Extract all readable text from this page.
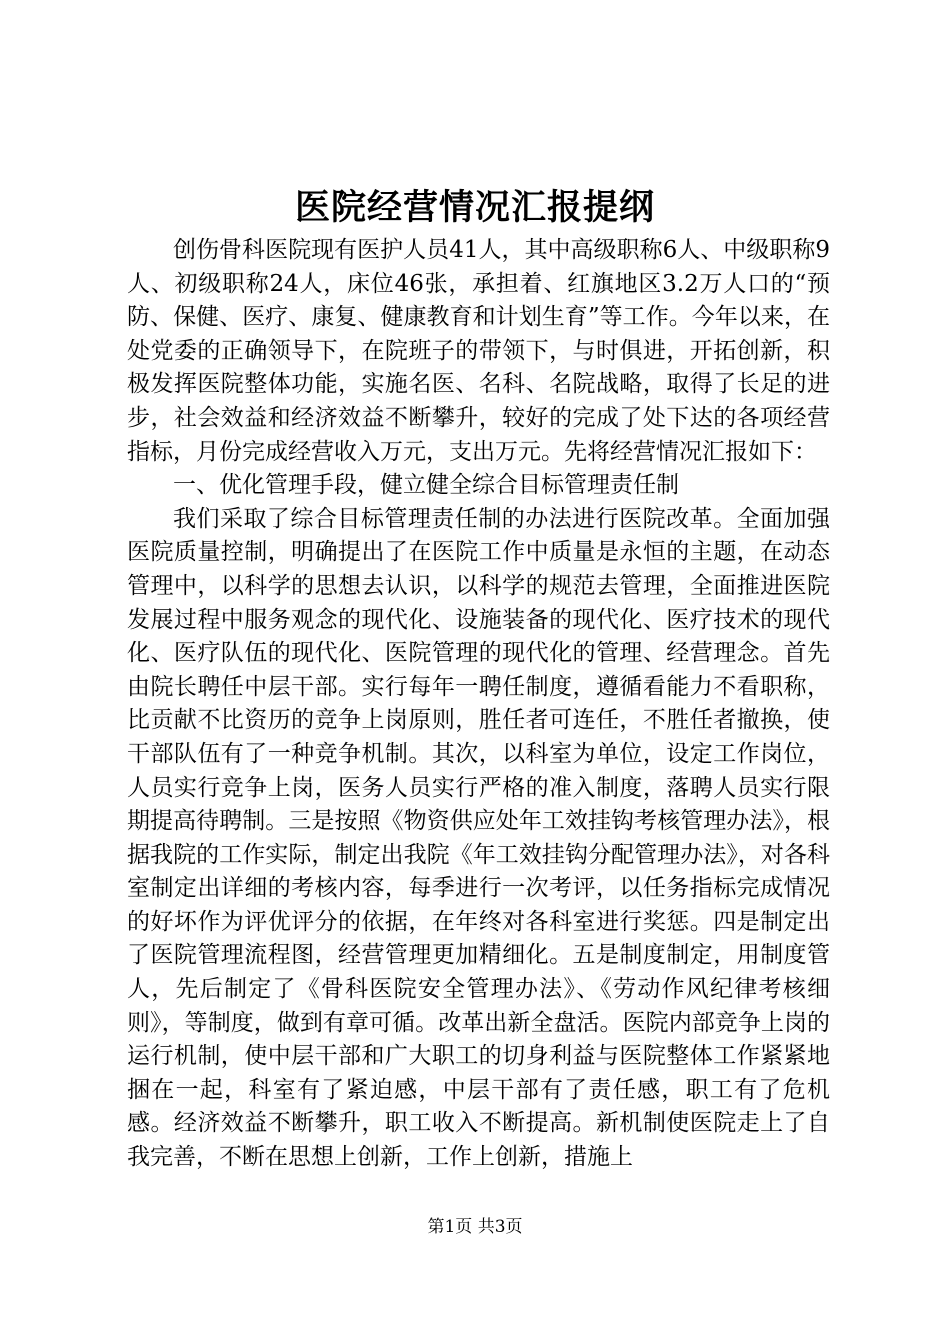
医院经营情况汇报提纲

创伤骨科医院现有医护人员41人，其中高级职称6人、中级职称9人、初级职称24人，床位46张，承担着、红旗地区3.2万人口的“预防、保健、医疗、康复、健康教育和计划生育”等工作。今年以来，在处党委的正确领导下，在院班子的带领下，与时俱进，开拓创新，积极发挥医院整体功能，实施名医、名科、名院战略，取得了长足的进步，社会效益和经济效益不断攀升，较好的完成了处下达的各项经营指标，月份完成经营收入万元，支出万元。先将经营情况汇报如下：

一、优化管理手段，健立健全综合目标管理责任制

我们采取了综合目标管理责任制的办法进行医院改革。全面加强医院质量控制，明确提出了在医院工作中质量是永恒的主题，在动态管理中，以科学的思想去认识，以科学的规范去管理，全面推进医院发展过程中服务观念的现代化、设施装备的现代化、医疗技术的现代化、医疗队伍的现代化、医院管理的现代化的管理、经营理念。首先由院长聘任中层干部。实行每年一聘任制度，遵循看能力不看职称，比贡献不比资历的竞争上岗原则，胜任者可连任，不胜任者撤换，使干部队伍有了一种竞争机制。其次，以科室为单位，设定工作岗位，人员实行竞争上岗，医务人员实行严格的准入制度，落聘人员实行限期提高待聘制。三是按照《物资供应处年工效挂钩考核管理办法》，根据我院的工作实际，制定出我院《年工效挂钩分配管理办法》，对各科室制定出详细的考核内容，每季进行一次考评，以任务指标完成情况的好坏作为评优评分的依据，在年终对各科室进行奖惩。四是制定出了医院管理流程图，经营管理更加精细化。五是制度制定，用制度管人，先后制定了《骨科医院安全管理办法》、《劳动作风纪律考核细则》，等制度，做到有章可循。改革出新全盘活。医院内部竞争上岗的运行机制，使中层干部和广大职工的切身利益与医院整体工作紧紧地捆在一起，科室有了紧迫感，中层干部有了责任感，职工有了危机感。经济效益不断攀升，职工收入不断提高。新机制使医院走上了自我完善，不断在思想上创新，工作上创新，措施上

第1页 共3页
